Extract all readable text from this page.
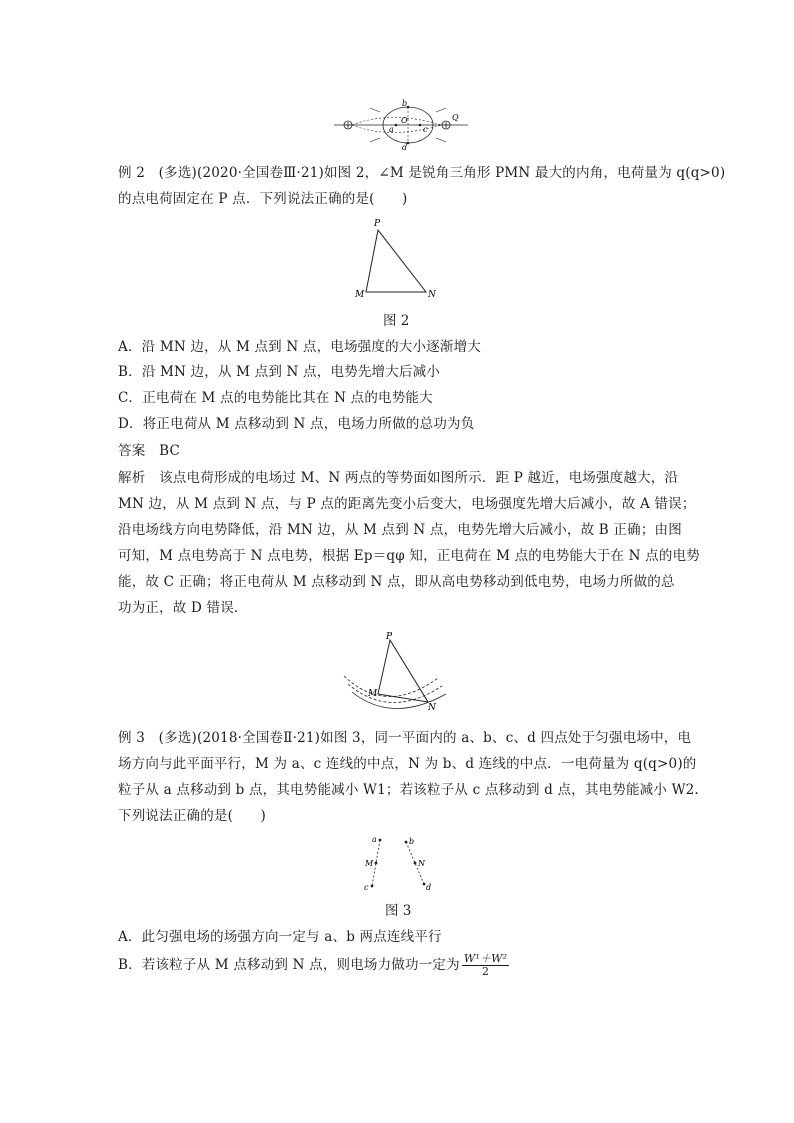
b
O
a	c
d
Q
例 2　(多选)(2020·全国卷Ⅲ·21)如图 2，∠M 是锐角三角形 PMN 最大的内角，电荷量为 q(q>0)
的点电荷固定在 P 点．下列说法正确的是(　　)
P
M	N
图 2
A．沿 MN 边，从 M 点到 N 点，电场强度的大小逐渐增大
B．沿 MN 边，从 M 点到 N 点，电势先增大后减小
C．正电荷在 M 点的电势能比其在 N 点的电势能大
D．将正电荷从 M 点移动到 N 点，电场力所做的总功为负
答案　BC
解析　该点电荷形成的电场过 M、N 两点的等势面如图所示．距 P 越近，电场强度越大，沿
MN 边，从 M 点到 N 点，与 P 点的距离先变小后变大，电场强度先增大后减小，故 A 错误；
沿电场线方向电势降低，沿 MN 边，从 M 点到 N 点，电势先增大后减小，故 B 正确；由图
可知，M 点电势高于 N 点电势，根据 Ep＝qφ 知，正电荷在 M 点的电势能大于在 N 点的电势
能，故 C 正确；将正电荷从 M 点移动到 N 点，即从高电势移动到低电势，电场力所做的总
功为正，故 D 错误．
P
M
N
例 3　(多选)(2018·全国卷Ⅱ·21)如图 3，同一平面内的 a、b、c、d 四点处于匀强电场中，电
场方向与此平面平行，M 为 a、c 连线的中点，N 为 b、d 连线的中点．一电荷量为 q(q>0)的
粒子从 a 点移动到 b 点，其电势能减小 W1；若该粒子从 c 点移动到 d 点，其电势能减小 W2.
下列说法正确的是(　　)
a	b
M	N
c	d
图 3
A．此匀强电场的场强方向一定与 a、b 两点连线平行
B．若该粒子从 M 点移动到 N 点，则电场力做功一定为 $\frac{\text{W¹＋W²}}{2}$
